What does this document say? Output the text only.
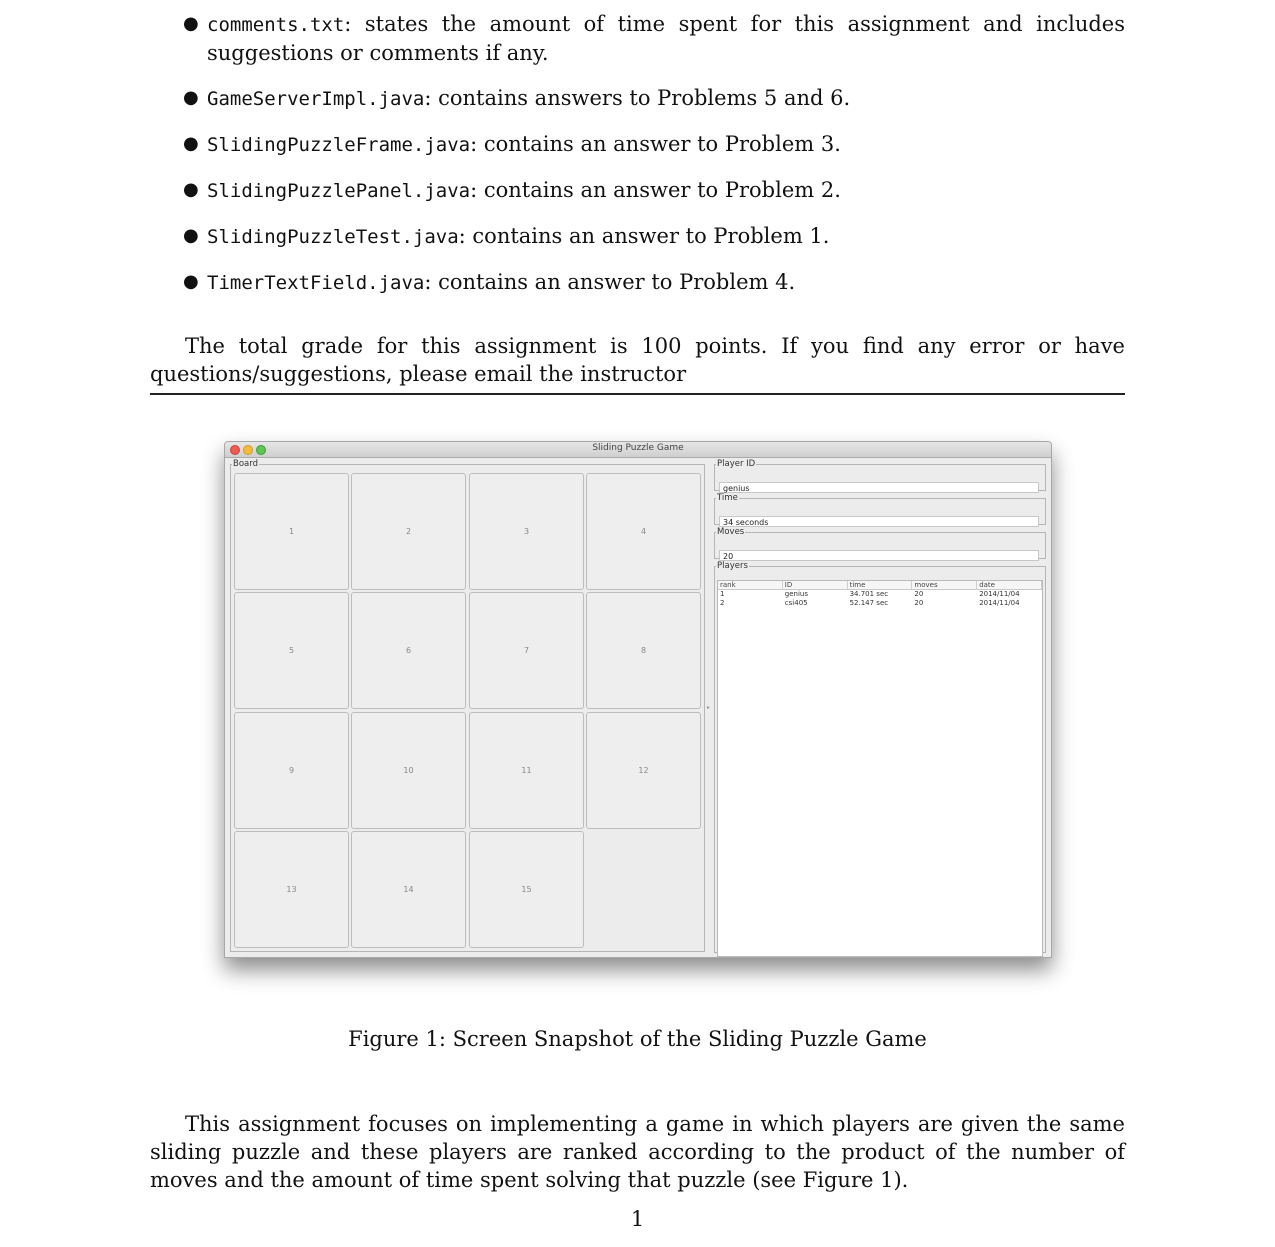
● comments.txt: states the amount of time spent for this assignment and includes suggestions or comments if any.
● GameServerImpl.java: contains answers to Problems 5 and 6.
● SlidingPuzzleFrame.java: contains an answer to Problem 3.
● SlidingPuzzlePanel.java: contains an answer to Problem 2.
● SlidingPuzzleTest.java: contains an answer to Problem 1.
● TimerTextField.java: contains an answer to Problem 4.

The total grade for this assignment is 100 points. If you find any error or have questions/suggestions, please email the instructor

Figure 1: Screen Snapshot of the Sliding Puzzle Game

This assignment focuses on implementing a game in which players are given the same sliding puzzle and these players are ranked according to the product of the number of moves and the amount of time spent solving that puzzle (see Figure 1).

1
Sliding Puzzle Game
Board
1	2	3	4
5	6	7	8
9	10	11	12
13	14	15
▸
Player ID
genius
Time
34 seconds
Moves
20
Players
rank	ID	time	moves	date
1	genius	34.701 sec	20	2014/11/04
2	csi405	52.147 sec	20	2014/11/04
